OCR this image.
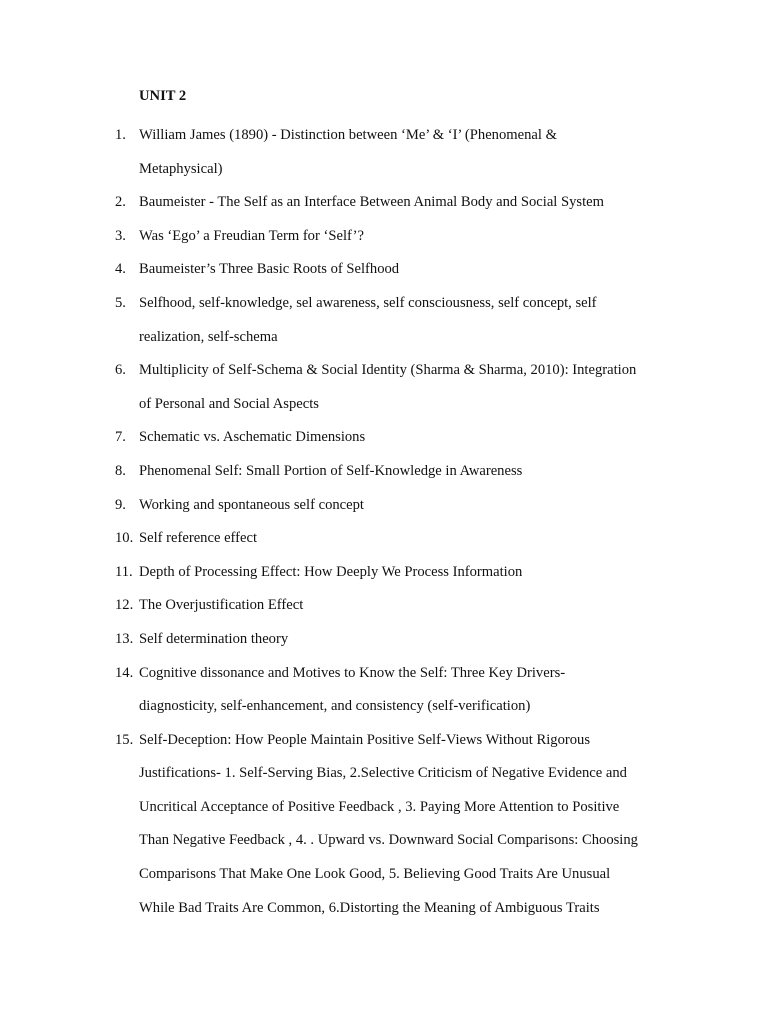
UNIT 2
1. William James (1890) - Distinction between ‘Me’ & ‘I’ (Phenomenal &
Metaphysical)
2. Baumeister - The Self as an Interface Between Animal Body and Social System
3. Was ‘Ego’ a Freudian Term for ‘Self’?
4. Baumeister’s Three Basic Roots of Selfhood
5. Selfhood, self-knowledge, sel awareness, self consciousness, self concept, self
realization, self-schema
6. Multiplicity of Self-Schema & Social Identity (Sharma & Sharma, 2010): Integration
of Personal and Social Aspects
7. Schematic vs. Aschematic Dimensions
8. Phenomenal Self: Small Portion of Self-Knowledge in Awareness
9. Working and spontaneous self concept
10. Self reference effect
11. Depth of Processing Effect: How Deeply We Process Information
12. The Overjustification Effect
13. Self determination theory
14. Cognitive dissonance and Motives to Know the Self: Three Key Drivers-
diagnosticity, self-enhancement, and consistency (self-verification)
15. Self-Deception: How People Maintain Positive Self-Views Without Rigorous
Justifications- 1. Self-Serving Bias, 2.Selective Criticism of Negative Evidence and
Uncritical Acceptance of Positive Feedback , 3. Paying More Attention to Positive
Than Negative Feedback , 4. . Upward vs. Downward Social Comparisons: Choosing
Comparisons That Make One Look Good, 5. Believing Good Traits Are Unusual
While Bad Traits Are Common, 6.Distorting the Meaning of Ambiguous Traits
